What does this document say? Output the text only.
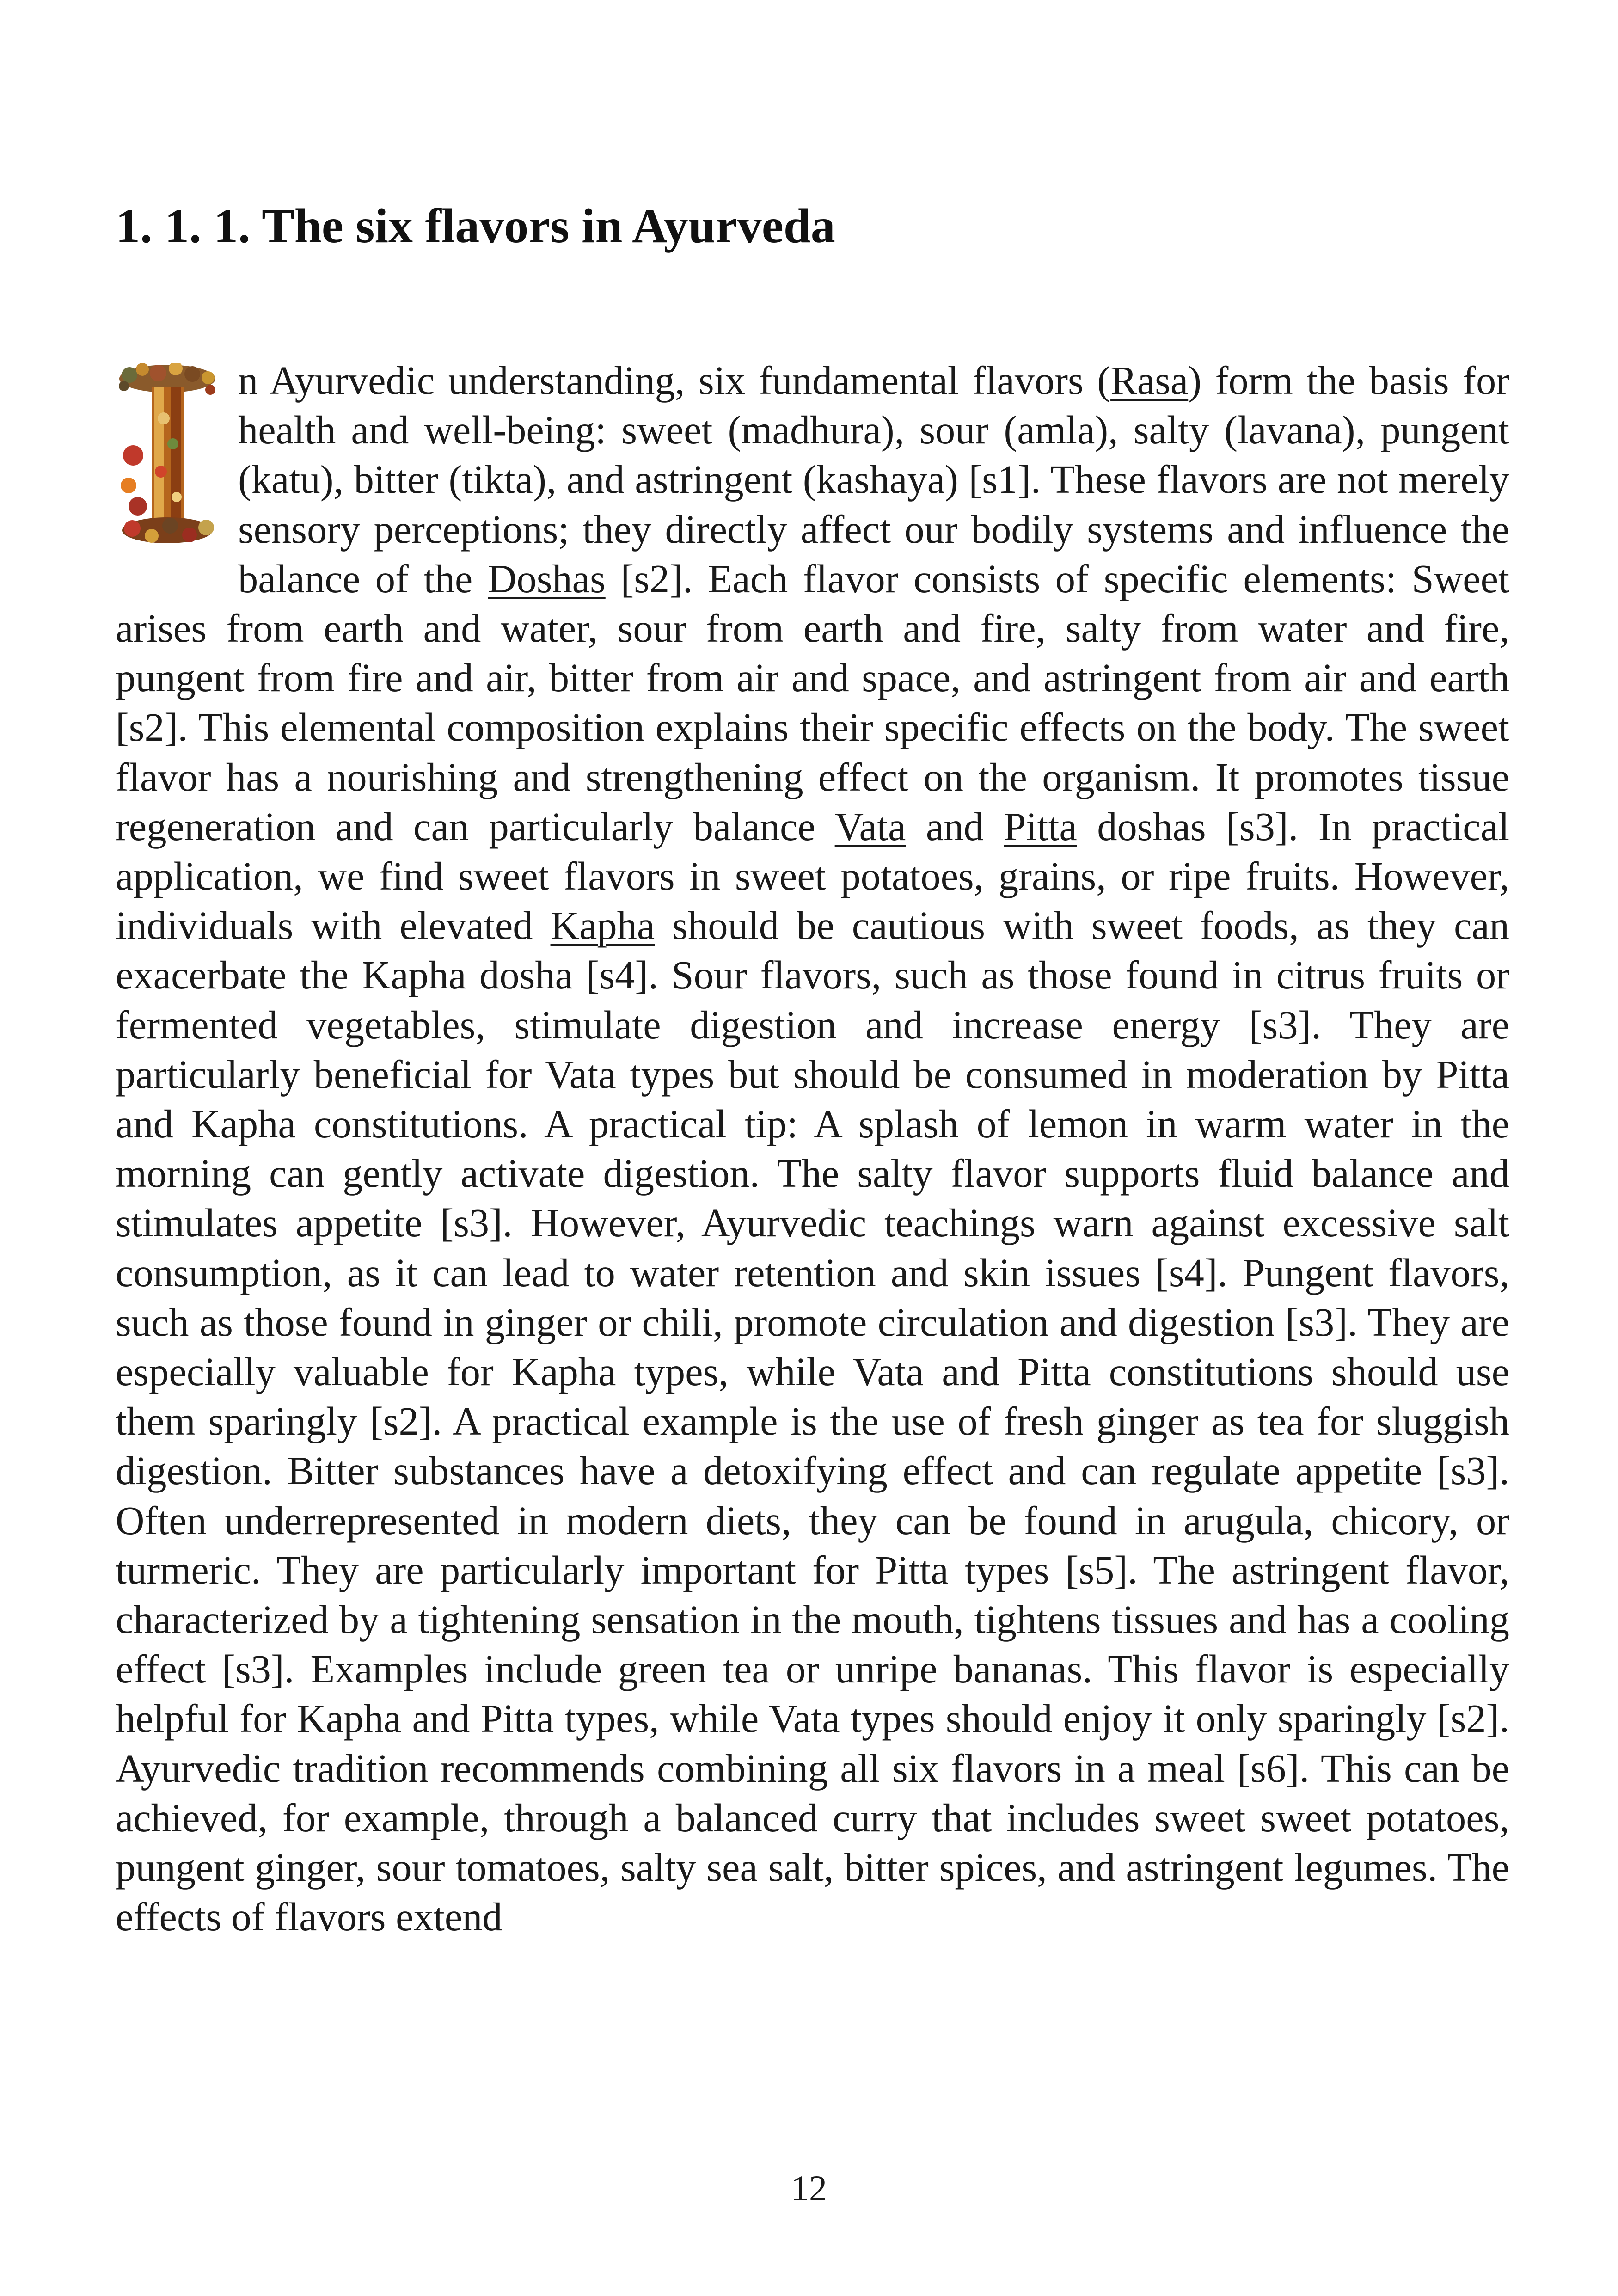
1. 1. 1. The six flavors in Ayurveda

n Ayurvedic understanding, six fundamental flavors (Rasa) form the basis for health and well-being: sweet (madhura), sour (amla), salty (lavana), pungent (katu), bitter (tikta), and astringent (kashaya) [s1]. These flavors are not merely sensory perceptions; they directly affect our bodily systems and influence the balance of the Doshas [s2]. Each flavor consists of specific elements: Sweet arises from earth and water, sour from earth and fire, salty from water and fire, pungent from fire and air, bitter from air and space, and astringent from air and earth [s2]. This elemental composition explains their specific effects on the body. The sweet flavor has a nourishing and strengthening effect on the organism. It promotes tissue regeneration and can particularly balance Vata and Pitta doshas [s3]. In practical application, we find sweet flavors in sweet potatoes, grains, or ripe fruits. However, individuals with elevated Kapha should be cautious with sweet foods, as they can exacerbate the Kapha dosha [s4]. Sour flavors, such as those found in citrus fruits or fermented vegetables, stimulate digestion and increase energy [s3]. They are particularly beneficial for Vata types but should be consumed in moderation by Pitta and Kapha constitutions. A practical tip: A splash of lemon in warm water in the morning can gently activate digestion. The salty flavor supports fluid balance and stimulates appetite [s3]. However, Ayurvedic teachings warn against excessive salt consumption, as it can lead to water retention and skin issues [s4]. Pungent flavors, such as those found in ginger or chili, promote circulation and digestion [s3]. They are especially valuable for Kapha types, while Vata and Pitta constitutions should use them sparingly [s2]. A practical example is the use of fresh ginger as tea for sluggish digestion. Bitter substances have a detoxifying effect and can regulate appetite [s3]. Often underrepresented in modern diets, they can be found in arugula, chicory, or turmeric. They are particularly important for Pitta types [s5]. The astringent flavor, characterized by a tightening sensation in the mouth, tightens tissues and has a cooling effect [s3]. Examples include green tea or unripe bananas. This flavor is especially helpful for Kapha and Pitta types, while Vata types should enjoy it only sparingly [s2]. Ayurvedic tradition recommends combining all six flavors in a meal [s6]. This can be achieved, for example, through a balanced curry that includes sweet sweet potatoes, pungent ginger, sour tomatoes, salty sea salt, bitter spices, and astringent legumes. The effects of flavors extend

12
